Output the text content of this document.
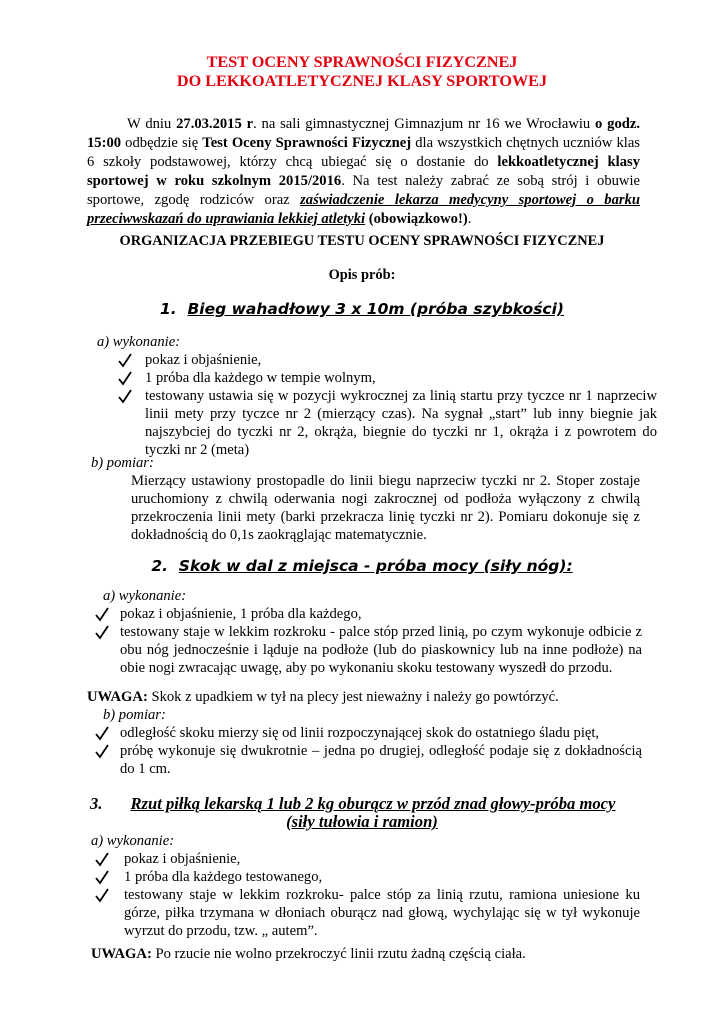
TEST OCENY SPRAWNOŚCI FIZYCZNEJ
DO LEKKOATLETYCZNEJ KLASY SPORTOWEJ
W dniu 27.03.2015 r. na sali gimnastycznej Gimnazjum nr 16 we Wrocławiu o godz. 15:00 odbędzie się Test Oceny Sprawności Fizycznej dla wszystkich chętnych uczniów klas 6 szkoły podstawowej, którzy chcą ubiegać się o dostanie do lekkoatletycznej klasy sportowej w roku szkolnym 2015/2016. Na test należy zabrać ze sobą strój i obuwie sportowe, zgodę rodziców oraz zaświadczenie lekarza medycyny sportowej o barku przeciwwskazań do uprawiania lekkiej atletyki (obowiązkowo!).
ORGANIZACJA PRZEBIEGU TESTU OCENY SPRAWNOŚCI FIZYCZNEJ
Opis prób:
1. Bieg wahadłowy 3 x 10m (próba szybkości)
a) wykonanie:
pokaz i objaśnienie,
1 próba dla każdego w tempie wolnym,
testowany ustawia się w pozycji wykrocznej za linią startu przy tyczce nr 1 naprzeciw linii mety przy tyczce nr 2 (mierzący czas). Na sygnał „start” lub inny biegnie jak najszybciej do tyczki nr 2, okrąża, biegnie do tyczki nr 1, okrąża i z powrotem do tyczki nr 2 (meta)
b) pomiar:
Mierzący ustawiony prostopadle do linii biegu naprzeciw tyczki nr 2. Stoper zostaje uruchomiony z chwilą oderwania nogi zakrocznej od podłoża wyłączony z chwilą przekroczenia linii mety (barki przekracza linię tyczki nr 2). Pomiaru dokonuje się z dokładnością do 0,1s zaokrąglając matematycznie.
2. Skok w dal z miejsca - próba mocy (siły nóg):
a) wykonanie:
pokaz i objaśnienie, 1 próba dla każdego,
testowany staje w lekkim rozkroku - palce stóp przed linią, po czym wykonuje odbicie z obu nóg jednocześnie i ląduje na podłoże (lub do piaskownicy lub na inne podłoże) na obie nogi zwracając uwagę, aby po wykonaniu skoku testowany wyszedł do przodu.
UWAGA: Skok z upadkiem w tył na plecy jest nieważny i należy go powtórzyć.
b) pomiar:
odległość skoku mierzy się od linii rozpoczynającej skok do ostatniego śladu pięt,
próbę wykonuje się dwukrotnie – jedna po drugiej, odległość podaje się z dokładnością do 1 cm.
3. Rzut piłką lekarską 1 lub 2 kg oburącz w przód znad głowy-próba mocy
(siły tułowia i ramion)
a) wykonanie:
pokaz i objaśnienie,
1 próba dla każdego testowanego,
testowany staje w lekkim rozkroku- palce stóp za linią rzutu, ramiona uniesione ku górze, piłka trzymana w dłoniach oburącz nad głową, wychylając się w tył wykonuje wyrzut do przodu, tzw. „ autem”.
UWAGA: Po rzucie nie wolno przekroczyć linii rzutu żadną częścią ciała.
